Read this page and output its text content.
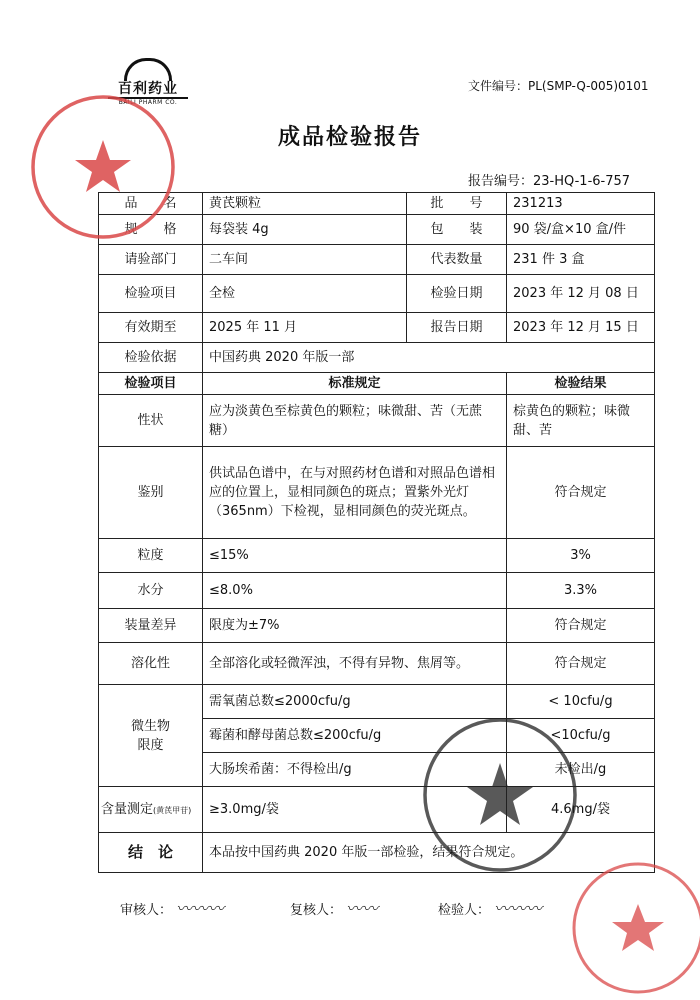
百利药业
BAILI PHARM CO.
文件编号：PL(SMP-Q-005)0101
成品检验报告
报告编号：23-HQ-1-6-757
品　　名	黄芪颗粒	批　　号	231213
规　　格	每袋装 4g	包　　装	90 袋/盒×10 盒/件
请验部门	二车间	代表数量	231 件 3 盒
检验项目	全检	检验日期	2023 年 12 月 08 日
有效期至	2025 年 11 月	报告日期	2023 年 12 月 15 日
检验依据	中国药典 2020 年版一部		
检验项目	标准规定		检验结果
性状	应为淡黄色至棕黄色的颗粒；味微甜、苦（无蔗糖）		棕黄色的颗粒；味微甜、苦
鉴别	供试品色谱中，在与对照药材色谱和对照品色谱相应的位置上，显相同颜色的斑点；置紫外光灯（365nm）下检视，显相同颜色的荧光斑点。		符合规定
粒度	≤15%		3%
水分	≤8.0%		3.3%
装量差异	限度为±7%		符合规定
溶化性	全部溶化或轻微浑浊，不得有异物、焦屑等。		符合规定
微生物限度	需氧菌总数≤2000cfu/g		< 10cfu/g
	霉菌和酵母菌总数≤200cfu/g		<10cfu/g
	大肠埃希菌：不得检出/g		未检出/g
含量测定(黄芪甲苷)	≥3.0mg/袋		4.6mg/袋
结　论	本品按中国药典 2020 年版一部检验，结果符合规定。		
审核人： 〰〰〰	复核人： 〰〰	检验人： 〰〰〰
